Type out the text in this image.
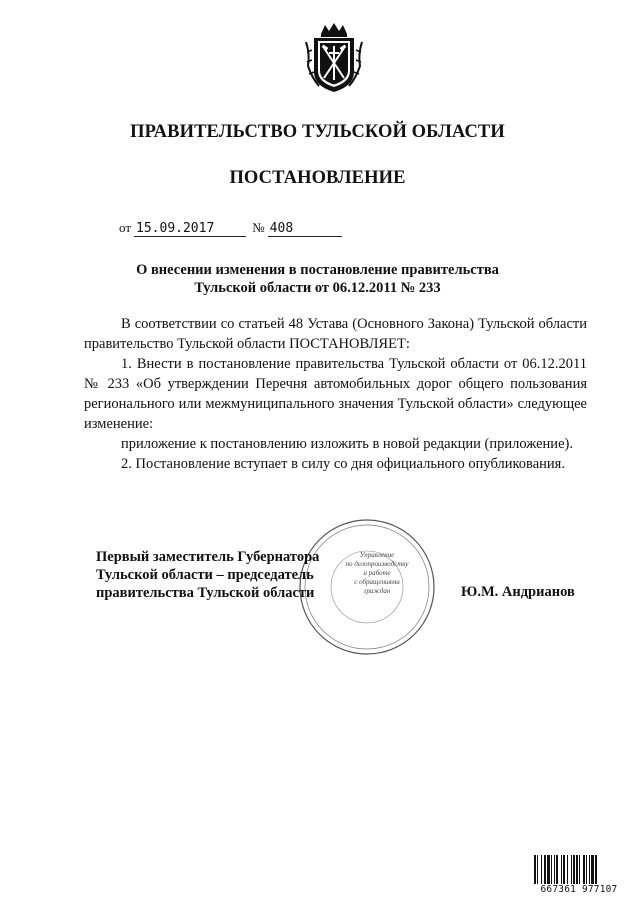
ПРАВИТЕЛЬСТВО ТУЛЬСКОЙ ОБЛАСТИ
ПОСТАНОВЛЕНИЕ
от 15.09.2017	№ 408
О внесении изменения в постановление правительства
Тульской области от 06.12.2011 № 233

В соответствии со статьей 48 Устава (Основного Закона) Тульской области правительство Тульской области ПОСТАНОВЛЯЕТ:

1. Внести в постановление правительства Тульской области от 06.12.2011 № 233 «Об утверждении Перечня автомобильных дорог общего пользования регионального или межмуниципального значения Тульской области» следующее изменение:

приложение к постановлению изложить в новой редакции (приложение).

2. Постановление вступает в силу со дня официального опубликования.

Управление
по делопроизводству
и работе
с обращениями
граждан
Первый заместитель Губернатора
Тульской области – председатель
правительства Тульской области	Ю.М. Андрианов
667361 977107
